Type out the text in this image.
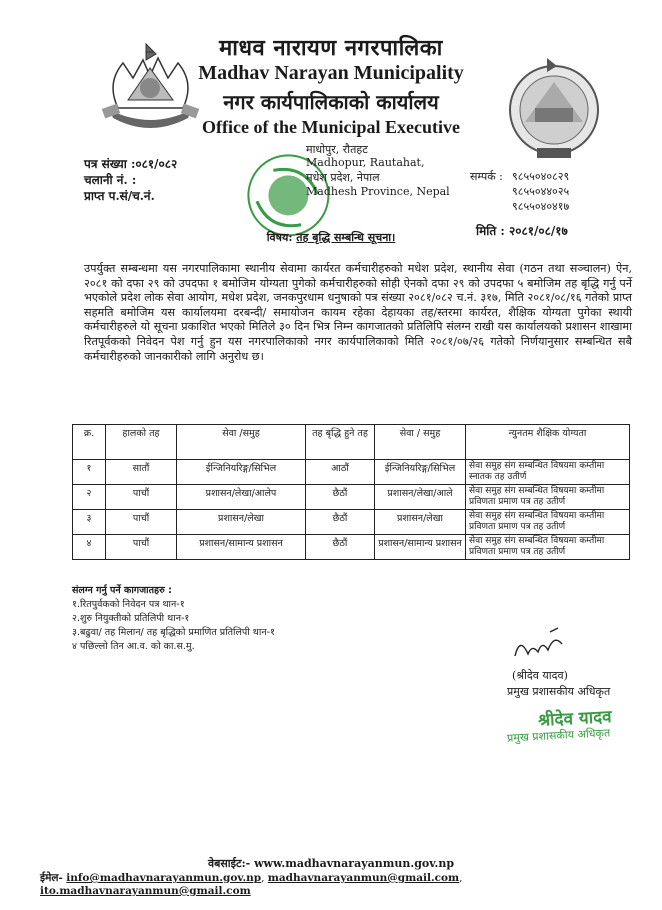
माधव नारायण नगरपालिका
Madhav Narayan Municipality
नगर कार्यपालिकाको कार्यालय
Office of the Municipal Executive
माधोपुर, रौतहट
Madhopur, Rautahat,
मधेश प्रदेश, नेपाल
Madhesh Province, Nepal
पत्र संख्या :०८१/०८२
चलानी नं. :
प्राप्त प.सं/च.नं.
सम्पर्क : ९८५५०४०८२९
९८५५०४४०२५
९८५५०४०४१७
मिति : २०८१/०८/१७
विषय: तह बृद्धि सम्बन्धि सूचना।
उपर्युक्त सम्बन्धमा यस नगरपालिकामा स्थानीय सेवामा कार्यरत कर्मचारीहरुको मधेश प्रदेश, स्थानीय सेवा (गठन तथा सञ्चालन) ऐन, २०८१ को दफा २९ को उपदफा १ बमोजिम योग्यता पुगेको कर्मचारीहरुको सोही ऐनको दफा २९ को उपदफा ५ बमोजिम तह बृद्धि गर्नु पर्ने भएकोले प्रदेश लोक सेवा आयोग, मधेश प्रदेश, जनकपुरधाम धनुषाको पत्र संख्या २०८१/०८२ च.नं. ३१७, मिति २०८१/०८/१६ गतेको प्राप्त सहमति बमोजिम यस कार्यालयमा दरबन्दी/ समायोजन कायम रहेका देहायका तह/स्तरमा कार्यरत, शैक्षिक योग्यता पुगेका स्थायी कर्मचारीहरुले यो सूचना प्रकाशित भएको मितिले ३० दिन भित्र निम्न कागजातको प्रतिलिपि संलग्न राखी यस कार्यालयको प्रशासन शाखामा रितपूर्वकको निवेदन पेश गर्नु हुन यस नगरपालिकाको नगर कार्यपालिकाको मिति २०८१/०७/२६ गतेको निर्णयानुसार सम्बन्धित सबै कर्मचारीहरुको जानकारीको लागि अनुरोध छ।
क्र.	हालको तह	सेवा /समुह	तह बृद्धि हुने तह	सेवा / समुह	न्युनतम शैक्षिक योग्यता
१	सातौं	ईन्जिनियरिङ्ग/सिभिल	आठौं	ईन्जिनियरिङ्ग/सिभिल	सेवा समुह संग सम्बन्धित विषयमा कम्तीमा स्नातक तह उतीर्ण
२	पाचौं	प्रशासन/लेखा/आलेप	छैठौं	प्रशासन/लेखा/आले	सेवा समुह संग सम्बन्धित विषयमा कम्तीमा प्रविणता प्रमाण पत्र तह उतीर्ण
३	पाचौं	प्रशासन/लेखा	छैठौं	प्रशासन/लेखा	सेवा समुह संग सम्बन्धित विषयमा कम्तीमा प्रविणता प्रमाण पत्र तह उतीर्ण
४	पाचौं	प्रशासन/सामान्य प्रशासन	छैठौं	प्रशासन/सामान्य प्रशासन	सेवा समुह संग सम्बन्धित विषयमा कम्तीमा प्रविणता प्रमाण पत्र तह उतीर्ण
संलग्न गर्नु पर्ने कागजातहरु :
१.रितपुर्वकको निवेदन पत्र थान-१
२.शुरु नियुक्तीको प्रतिलिपी थान-१
३.बढुवा/ तह मिलान/ तह बृद्धिको प्रमाणित प्रतिलिपी थान-१
४ पछिल्लो तिन आ.व. को का.स.मु.
(श्रीदेव यादव)
प्रमुख प्रशासकीय अधिकृत
श्रीदेव यादव
प्रमुख प्रशासकीय अधिकृत
वेबसाईट:- www.madhavnarayanmun.gov.np
ईमेल- info@madhavnarayanmun.gov.np, madhavnarayanmun@gmail.com, ito.madhavnarayanmun@gmail.com
